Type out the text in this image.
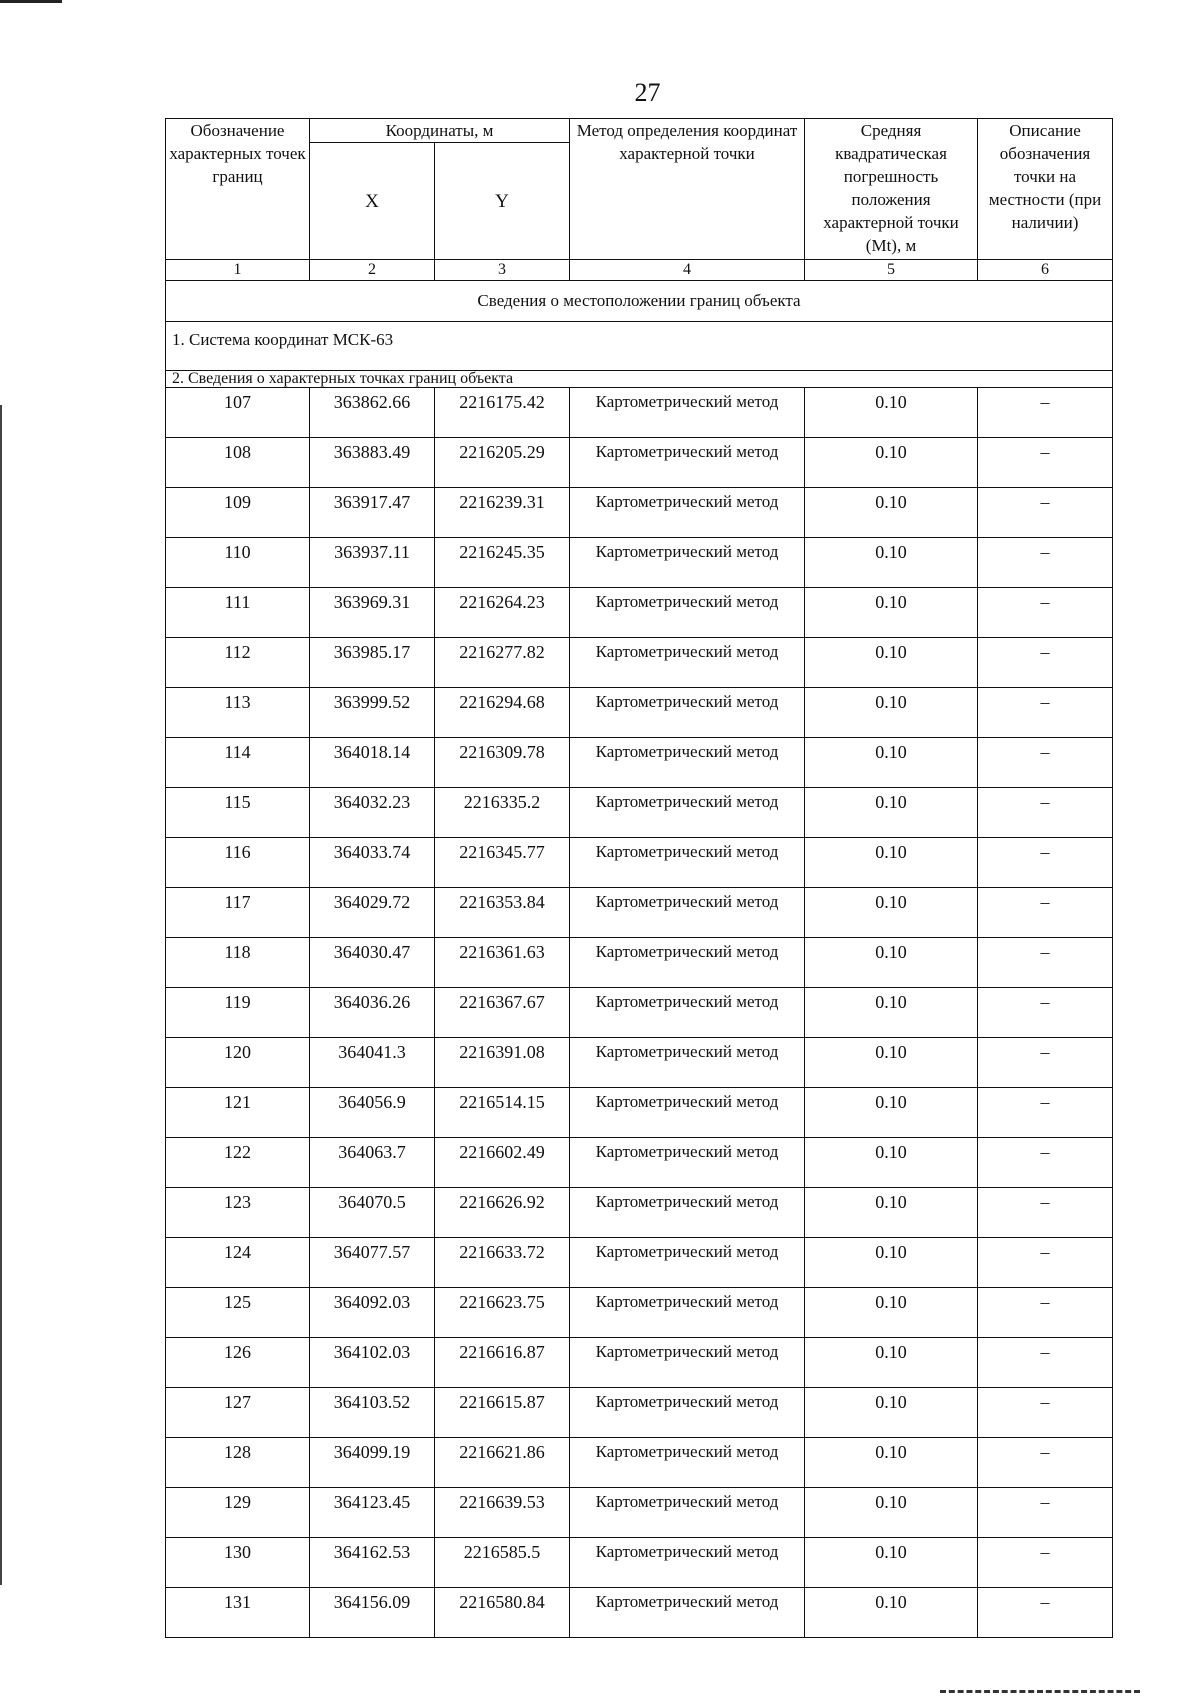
27
Сведения о местоположении границ объекта					
1. Система координат МСК-63					
2. Сведения о характерных точках границ объекта					
Обозначение характерных точек границ	Координаты, м		Метод определения координат характерной точки	Средняя квадратическая погрешность положения характерной точки (Mt), м	Описание обозначения точки на местности (при наличии)
	X	Y			
1	2	3	4	5	6
107	363862.66	2216175.42	Картометрический метод	0.10	–
108	363883.49	2216205.29	Картометрический метод	0.10	–
109	363917.47	2216239.31	Картометрический метод	0.10	–
110	363937.11	2216245.35	Картометрический метод	0.10	–
111	363969.31	2216264.23	Картометрический метод	0.10	–
112	363985.17	2216277.82	Картометрический метод	0.10	–
113	363999.52	2216294.68	Картометрический метод	0.10	–
114	364018.14	2216309.78	Картометрический метод	0.10	–
115	364032.23	2216335.2	Картометрический метод	0.10	–
116	364033.74	2216345.77	Картометрический метод	0.10	–
117	364029.72	2216353.84	Картометрический метод	0.10	–
118	364030.47	2216361.63	Картометрический метод	0.10	–
119	364036.26	2216367.67	Картометрический метод	0.10	–
120	364041.3	2216391.08	Картометрический метод	0.10	–
121	364056.9	2216514.15	Картометрический метод	0.10	–
122	364063.7	2216602.49	Картометрический метод	0.10	–
123	364070.5	2216626.92	Картометрический метод	0.10	–
124	364077.57	2216633.72	Картометрический метод	0.10	–
125	364092.03	2216623.75	Картометрический метод	0.10	–
126	364102.03	2216616.87	Картометрический метод	0.10	–
127	364103.52	2216615.87	Картометрический метод	0.10	–
128	364099.19	2216621.86	Картометрический метод	0.10	–
129	364123.45	2216639.53	Картометрический метод	0.10	–
130	364162.53	2216585.5	Картометрический метод	0.10	–
131	364156.09	2216580.84	Картометрический метод	0.10	–
